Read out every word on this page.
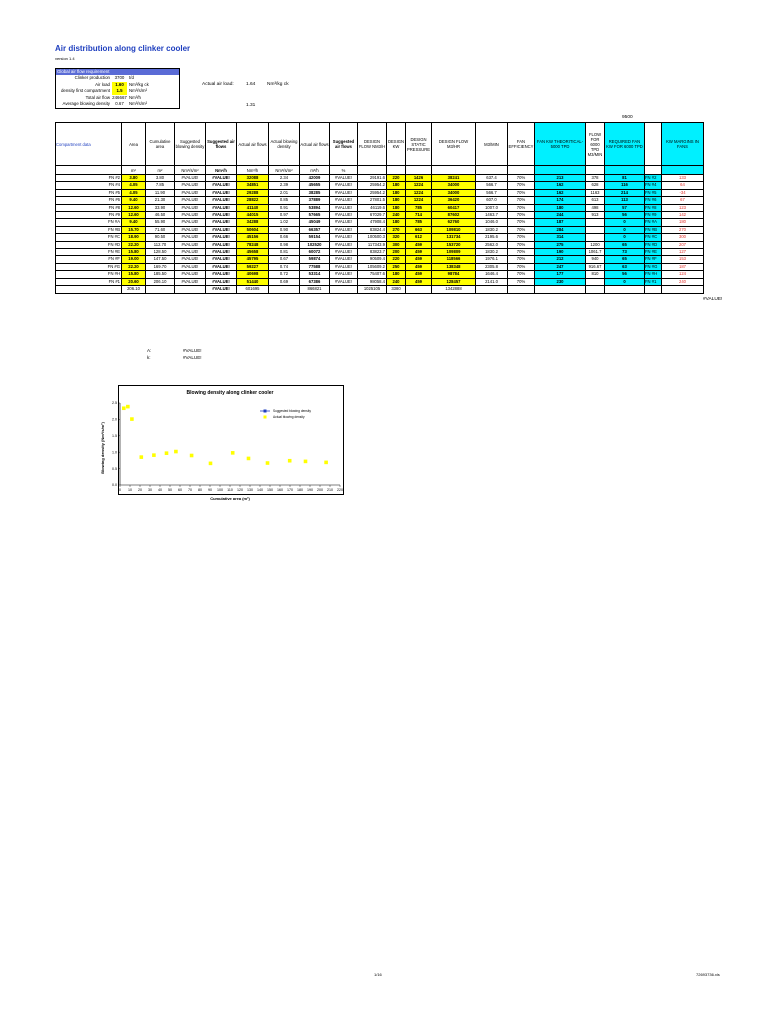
Air distribution along clinker cooler
version 1.4
Global air flow requirement
Clinker production	3700	t/d
Air load	1.60	Nm³/kg ck
density first compartment	1.5	Nm³/s/m²
Total air flow 246667 Nm³/h
Average blowing density	0.67	Nm³/s/m²
Actual air load:	1.64 Nm³/kg ck
1.31
9500
Compartment data	Area	Cumulative area	Suggested blowing density	Suggested air flows	Actual air flows	Actual blowing density	Actual air flows	Suggested air flows	DESIGN FLOW NM3/H	DESIGN KW	DESIGN STATIC PRESSURE	DESIGN FLOW M3/HR	M3/MIN	FAN EFFICIENCY	FAN KW THEORITICAL-5000 TPD	FLOW FOR 6000 TPD M3/MIN	REQUIRED FAN KW FOR 6000 TPD		KW MARGINS IN FANS
	m²	m²	Nm³/s/m²	Nm³/h	Nm³/h	Nm³/s/m²	m³/h	%											
FN #2	3.80	3.80	#VALUE!	#VALUE!	32088	2.34	42009	#VALUE!	29191.6	220	1426	38241	637.4	70%	213	378	81	FN #2	133
FN #4	4.05	7.85	#VALUE!	#VALUE!	34851	2.39	45655	#VALUE!	25954.2	180	1224	34000	566.7	70%	162	628	116	FN #4	64
FN #5	4.05	11.90	#VALUE!	#VALUE!	29288	2.01	38285	#VALUE!	25954.2	180	1224	34000	566.7	70%	162	1163	214	FN #5	-34
FN #6	9.40	21.30	#VALUE!	#VALUE!	28822	0.85	37889	#VALUE!	27801.5	180	1224	36420	607.0	70%	174	613	113	FN #6	67
FN #8	12.60	33.90	#VALUE!	#VALUE!	41140	0.91	53894	#VALUE!	46119.6	180	785	60417	1007.0	70%	180	498	57	FN #8	123
FN #9	12.60	46.50	#VALUE!	#VALUE!	44015	0.97	57665	#VALUE!	67029.7	240	714	87602	1463.7	70%	244	913	56	FN #9	142
FN #A	9.40	55.90	#VALUE!	#VALUE!	34288	1.02	45049	#VALUE!	47908.4	180	785	62760	1046.0	70%	187		0	FN #A	180
FN #B	15.70	71.60	#VALUE!	#VALUE!	50604	0.90	66357	#VALUE!	83824.4	270	663	109810	1830.2	70%	284		0	FN #B	270
FN #C	18.90	90.50	#VALUE!	#VALUE!	45156	0.66	59154	#VALUE!	100500.3	320	612	131734	2195.6	70%	314		0	FN #C	300
FN #D	22.20	112.70	#VALUE!	#VALUE!	78248	0.98	102520	#VALUE!	117343.9	300	459	153720	2562.0	70%	275	1200	65	FN #D	207
FN #E	15.80	128.50	#VALUE!	#VALUE!	45658	0.81	60072	#VALUE!	83823.7	200	459	109809	1830.2	70%	190	1061.7	73	FN #E	127
FN #F	19.00	147.50	#VALUE!	#VALUE!	45795	0.67	59874	#VALUE!	90509.4	220	459	118566	1976.1	70%	212	940	65	FN #F	153
FN #G	22.20	169.70	#VALUE!	#VALUE!	59227	0.74	77588	#VALUE!	105609.2	250	459	138348	2305.8	70%	247	916.67	63	FN #G	187
FN #H	15.80	185.50	#VALUE!	#VALUE!	40698	0.72	53314	#VALUE!	75407.6	180	459	98784	1646.4	70%	177	810	56	FN #H	124
FN #1	20.60	206.10	#VALUE!	#VALUE!	51440	0.69	67386	#VALUE!	98058.4	240	459	128457	2141.0	70%	230		0	FN #1	240
	206.10			#VALUE!	601695		866821		1025105	3380		1342888							
#VALUE!
A:	#VALUE!
k:	#VALUE!
Blowing density along clinker cooler
Blowing density (Nm³/s/m²)
0 10 20 30 40 50 60 70 80 90 100 110 120 130 140 150 160 170 180 190 200 210 220
0.0
0.5
1.0
1.5
2.0
2.5
Suggested blowing density
Actual blowing density
Cumulative area (m²)
1/16	72693736.xls
